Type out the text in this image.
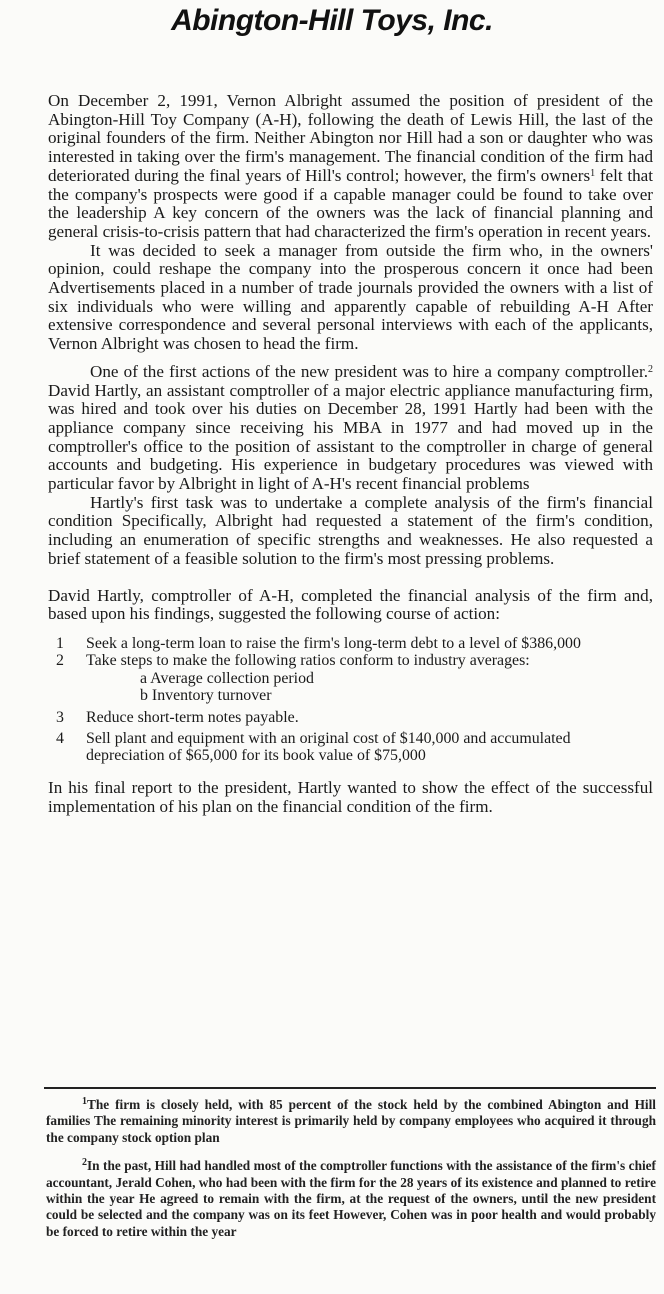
Abington-Hill Toys, Inc.

On December 2, 1991, Vernon Albright assumed the position of president of the Abington-Hill Toy Company (A-H), following the death of Lewis Hill, the last of the original founders of the firm. Neither Abington nor Hill had a son or daughter who was interested in taking over the firm's management. The financial condition of the firm had deteriorated during the final years of Hill's control; however, the firm's owners$^1$ felt that the company's prospects were good if a capable manager could be found to take over the leadership A key concern of the owners was the lack of financial planning and general crisis-to-crisis pattern that had characterized the firm's operation in recent years.

It was decided to seek a manager from outside the firm who, in the owners' opinion, could reshape the company into the prosperous concern it once had been Advertisements placed in a number of trade journals provided the owners with a list of six individuals who were willing and apparently capable of rebuilding A-H After extensive correspondence and several personal interviews with each of the applicants, Vernon Albright was chosen to head the firm.

One of the first actions of the new president was to hire a company comptroller.$^2$ David Hartly, an assistant comptroller of a major electric appliance manufacturing firm, was hired and took over his duties on December 28, 1991 Hartly had been with the appliance company since receiving his MBA in 1977 and had moved up in the comptroller's office to the position of assistant to the comptroller in charge of general accounts and budgeting. His experience in budgetary procedures was viewed with particular favor by Albright in light of A-H's recent financial problems

Hartly's first task was to undertake a complete analysis of the firm's financial condition Specifically, Albright had requested a statement of the firm's condition, including an enumeration of specific strengths and weaknesses. He also requested a brief statement of a feasible solution to the firm's most pressing problems.

David Hartly, comptroller of A-H, completed the financial analysis of the firm and, based upon his findings, suggested the following course of action:

1 Seek a long-term loan to raise the firm's long-term debt to a level of $386,000
2 Take steps to make the following ratios conform to industry averages:
a Average collection period
b Inventory turnover
3 Reduce short-term notes payable.
4 Sell plant and equipment with an original cost of $140,000 and accumulated depreciation of $65,000 for its book value of $75,000

In his final report to the president, Hartly wanted to show the effect of the successful implementation of his plan on the financial condition of the firm.

$^1$The firm is closely held, with 85 percent of the stock held by the combined Abington and Hill families The remaining minority interest is primarily held by company employees who acquired it through the company stock option plan

$^2$In the past, Hill had handled most of the comptroller functions with the assistance of the firm's chief accountant, Jerald Cohen, who had been with the firm for the 28 years of its existence and planned to retire within the year He agreed to remain with the firm, at the request of the owners, until the new president could be selected and the company was on its feet However, Cohen was in poor health and would probably be forced to retire within the year
